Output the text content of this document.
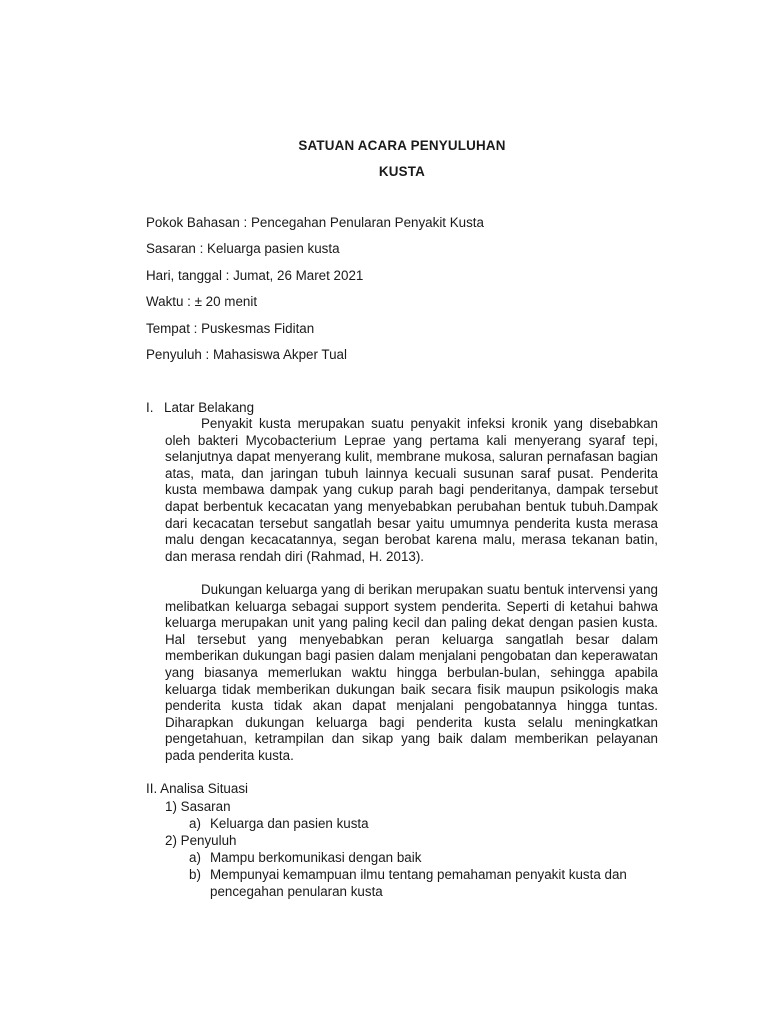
SATUAN ACARA PENYULUHAN
KUSTA
Pokok Bahasan : Pencegahan Penularan Penyakit Kusta
Sasaran : Keluarga pasien kusta
Hari, tanggal : Jumat, 26 Maret 2021
Waktu : ± 20 menit
Tempat : Puskesmas Fiditan
Penyuluh : Mahasiswa Akper Tual
I. Latar Belakang

Penyakit kusta merupakan suatu penyakit infeksi kronik yang disebabkan oleh bakteri Mycobacterium Leprae yang pertama kali menyerang syaraf tepi, selanjutnya dapat menyerang kulit, membrane mukosa, saluran pernafasan bagian atas, mata, dan jaringan tubuh lainnya kecuali susunan saraf pusat. Penderita kusta membawa dampak yang cukup parah bagi penderitanya, dampak tersebut dapat berbentuk kecacatan yang menyebabkan perubahan bentuk tubuh.Dampak dari kecacatan tersebut sangatlah besar yaitu umumnya penderita kusta merasa malu dengan kecacatannya, segan berobat karena malu, merasa tekanan batin, dan merasa rendah diri (Rahmad, H. 2013).

Dukungan keluarga yang di berikan merupakan suatu bentuk intervensi yang melibatkan keluarga sebagai support system penderita. Seperti di ketahui bahwa keluarga merupakan unit yang paling kecil dan paling dekat dengan pasien kusta. Hal tersebut yang menyebabkan peran keluarga sangatlah besar dalam memberikan dukungan bagi pasien dalam menjalani pengobatan dan keperawatan yang biasanya memerlukan waktu hingga berbulan-bulan, sehingga apabila keluarga tidak memberikan dukungan baik secara fisik maupun psikologis maka penderita kusta tidak akan dapat menjalani pengobatannya hingga tuntas. Diharapkan dukungan keluarga bagi penderita kusta selalu meningkatkan pengetahuan, ketrampilan dan sikap yang baik dalam memberikan pelayanan pada penderita kusta.

II. Analisa Situasi
1) Sasaran
a) Keluarga dan pasien kusta
2) Penyuluh
a) Mampu berkomunikasi dengan baik
b) Mempunyai kemampuan ilmu tentang pemahaman penyakit kusta dan
pencegahan penularan kusta
